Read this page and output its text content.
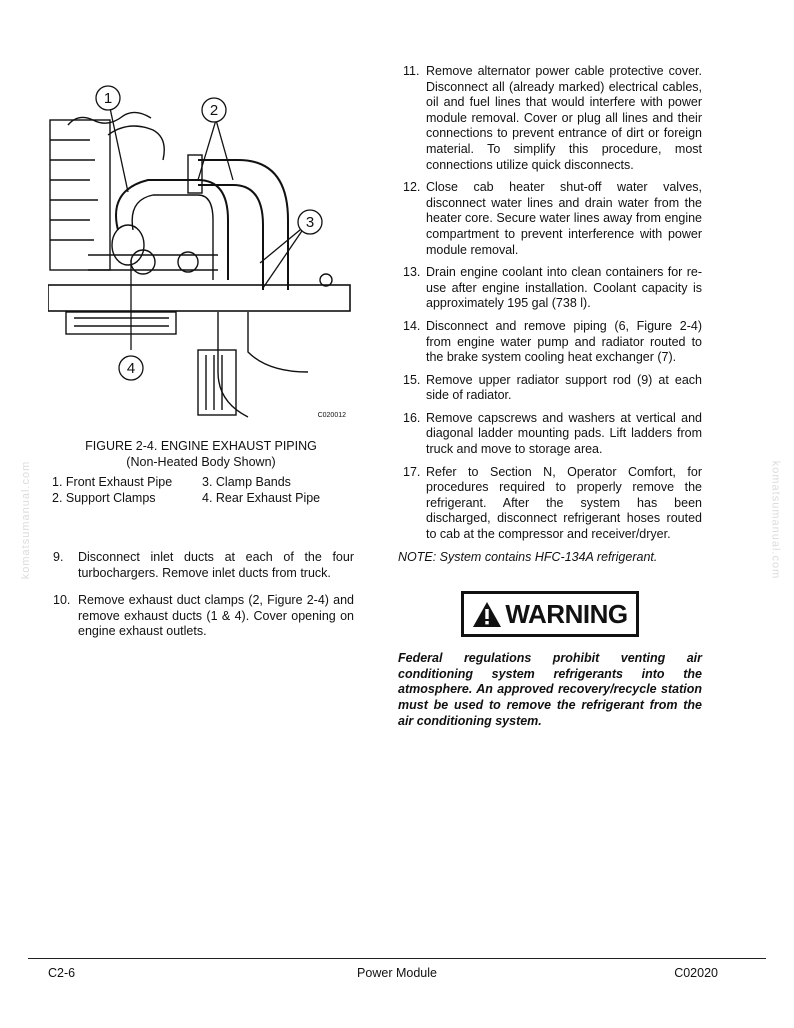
komatsumanual.com	komatsumanual.com
1
2
3
4
C020012
FIGURE 2-4. ENGINE EXHAUST PIPING
(Non-Heated Body Shown)
1. Front Exhaust Pipe	3. Clamp Bands
2. Support Clamps	4. Rear Exhaust Pipe
9. Disconnect inlet ducts at each of the four turbochargers. Remove inlet ducts from truck.
10. Remove exhaust duct clamps (2, Figure 2-4) and remove exhaust ducts (1 & 4). Cover opening on engine exhaust outlets.
11. Remove alternator power cable protective cover. Disconnect all (already marked) electrical cables, oil and fuel lines that would interfere with power module removal. Cover or plug all lines and their connections to prevent entrance of dirt or foreign material. To simplify this procedure, most connections utilize quick disconnects.
12. Close cab heater shut-off water valves, disconnect water lines and drain water from the heater core. Secure water lines away from engine compartment to prevent interference with power module removal.
13. Drain engine coolant into clean containers for re-use after engine installation. Coolant capacity is approximately 195 gal (738 l).
14. Disconnect and remove piping (6, Figure 2-4) from engine water pump and radiator routed to the brake system cooling heat exchanger (7).
15. Remove upper radiator support rod (9) at each side of radiator.
16. Remove capscrews and washers at vertical and diagonal ladder mounting pads. Lift ladders from truck and move to storage area.
17. Refer to Section N, Operator Comfort, for procedures required to properly remove the refrigerant. After the system has been discharged, disconnect refrigerant hoses routed to cab at the compressor and receiver/dryer.
NOTE: System contains HFC-134A refrigerant.
WARNING
Federal regulations prohibit venting air conditioning system refrigerants into the atmosphere. An approved recovery/recycle station must be used to remove the refrigerant from the air conditioning system.
C2-6	Power Module	C02020
